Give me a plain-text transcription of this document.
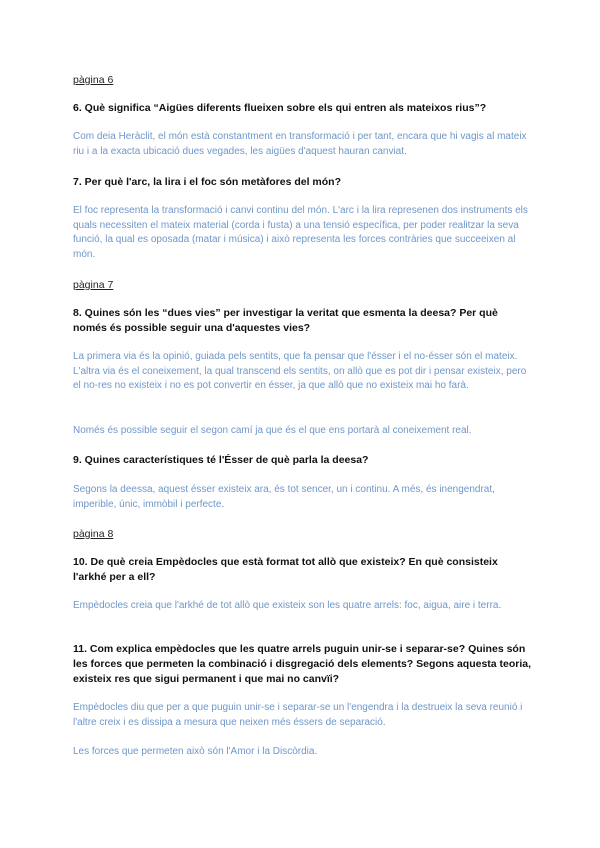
pàgina 6

6. Què significa “Aigües diferents flueixen sobre els qui entren als mateixos rius”?

Com deia Heràclit, el món està constantment en transformació i per tant, encara que hi vagis al mateix riu i a la exacta ubicació dues vegades, les aigües d'aquest hauran canviat.

7. Per què l'arc, la lira i el foc són metàfores del món?

El foc representa la transformació i canvi continu del món. L'arc i la lira represenen dos instruments els quals necessiten el mateix material (corda i fusta) a una tensió específica, per poder realitzar la seva funció, la qual es oposada (matar i música) i això representa les forces contràries que succeeixen al món.

pàgina 7

8. Quines són les “dues vies” per investigar la veritat que esmenta la deesa? Per què només és possible seguir una d'aquestes vies?

La primera via és la opinió, guiada pels sentits, que fa pensar que l'ésser i el no-ésser són el mateix. L'altra via és el coneixement, la qual transcend els sentits, on allò que es pot dir i pensar existeix, pero el no-res no existeix i no es pot convertir en ésser, ja que allò que no existeix mai ho farà.

Només és possible seguir el segon camí ja que és el que ens portarà al coneixement real.

9. Quines característiques té l'Ésser de què parla la deesa?

Segons la deessa, aquest ésser existeix ara, és tot sencer, un i continu. A més, és inengendrat, imperible, únic, immòbil i perfecte.

pàgina 8

10. De què creia Empèdocles que està format tot allò que existeix? En què consisteix l'arkhé per a ell?

Empèdocles creia que l'arkhé de tot allò que existeix son les quatre arrels: foc, aigua, aire i terra.

11. Com explica empèdocles que les quatre arrels puguin unir-se i separar-se? Quines són les forces que permeten la combinació i disgregació dels elements? Segons aquesta teoria, existeix res que sigui permanent i que mai no canvïi?

Empèdocles diu que per a que puguin unir-se i separar-se un l'engendra i la destrueix la seva reunió i l'altre creix i es dissipa a mesura que neixen més éssers de separació.

Les forces que permeten això són l'Amor i la Discòrdia.
